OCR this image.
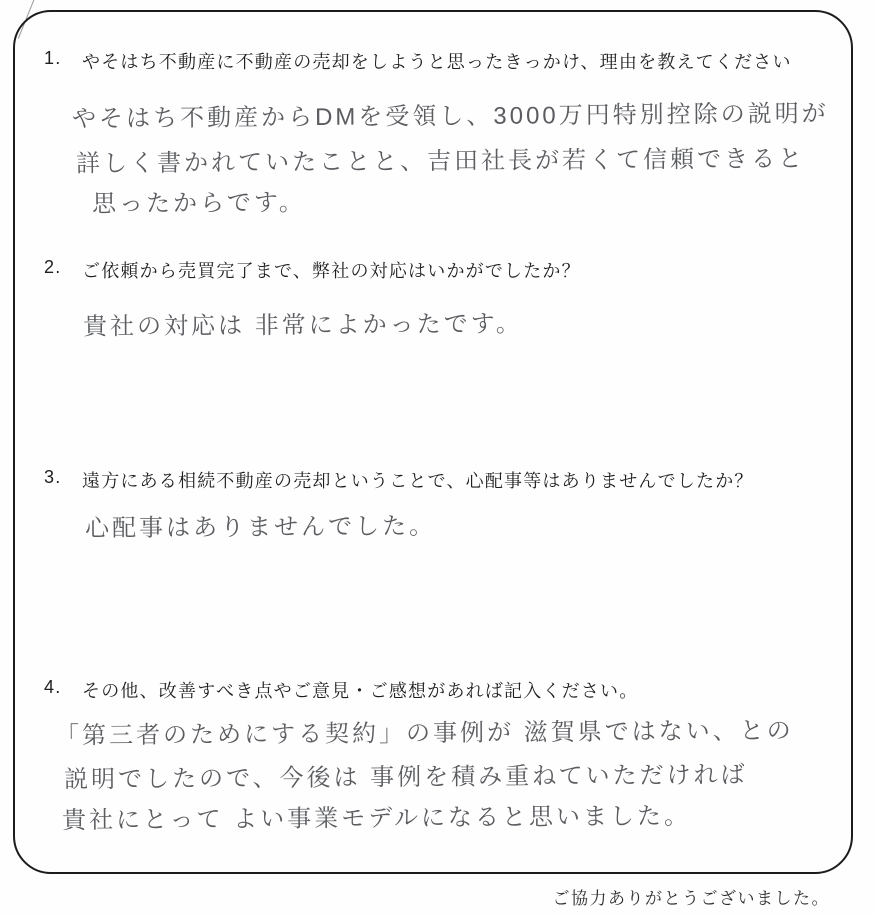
1. やそはち不動産に不動産の売却をしようと思ったきっかけ、理由を教えてください
やそはち不動産からDMを受領し、3000万円特別控除の説明が
詳しく書かれていたことと、吉田社長が若くて信頼できると
思ったからです。
2. ご依頼から売買完了まで、弊社の対応はいかがでしたか？
貴社の対応は 非常によかったです。
3. 遠方にある相続不動産の売却ということで、心配事等はありませんでしたか？
心配事はありませんでした。
4. その他、改善すべき点やご意見・ご感想があれば記入ください。
「第三者のためにする契約」の事例が 滋賀県ではない、との
説明でしたので、今後は 事例を積み重ねていただければ
貴社にとって よい事業モデルになると思いました。
ご協力ありがとうございました。
